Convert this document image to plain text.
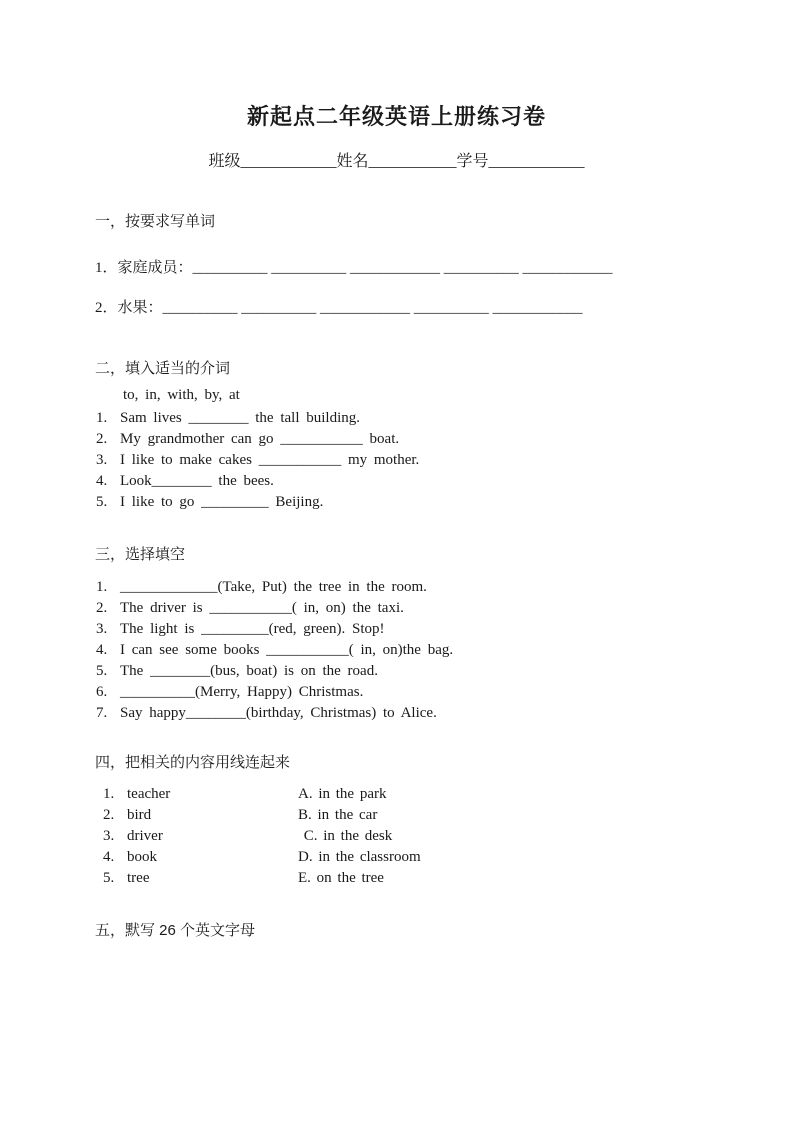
新起点二年级英语上册练习卷
班级____________姓名___________学号____________
一，按要求写单词
1．家庭成员：__________ __________ ____________ __________ ____________
2．水果：__________ __________ ____________ __________ ____________
二，填入适当的介词
to, in, with, by, at
1. Sam lives ________ the tall building.
2. My grandmother can go ___________ boat.
3. I like to make cakes ___________ my mother.
4. Look________ the bees.
5. I like to go _________ Beijing.
三，选择填空
1. _____________(Take, Put) the tree in the room.
2. The driver is ___________( in, on) the taxi.
3. The light is _________(red, green). Stop!
4. I can see some books ___________( in, on)the bag.
5. The ________(bus, boat) is on the road.
6. __________(Merry, Happy) Christmas.
7. Say happy________(birthday, Christmas) to Alice.
四，把相关的内容用线连起来
1. teacher	A. in the park
2. bird	B. in the car
3. driver	C. in the desk
4. book	D. in the classroom
5. tree	E. on the tree
五，默写 26 个英文字母
